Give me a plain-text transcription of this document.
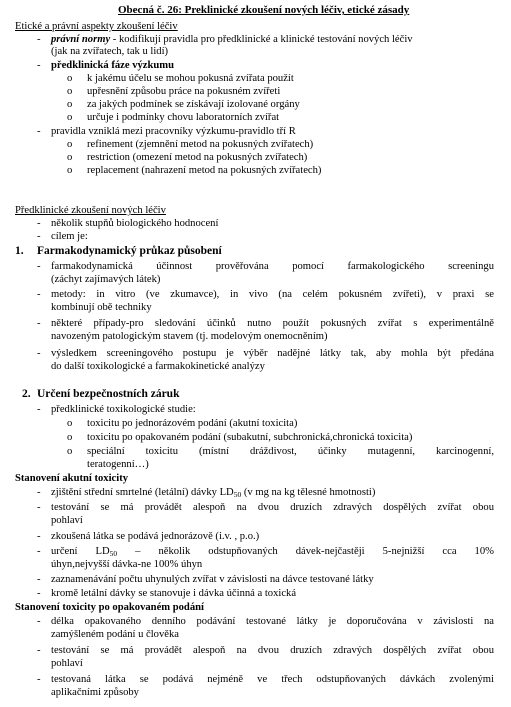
Obecná č. 26: Preklinické zkoušení nových léčiv, etické zásady
Etické a právní aspekty zkoušení léčiv
- právní normy - kodifikují pravidla pro předklinické a klinické testování nových léčiv
(jak na zvířatech, tak u lidí)
- předklinická fáze výzkumu
o k jakému účelu se mohou pokusná zvířata použít
o upřesnění způsobu práce na pokusném zvířeti
o za jakých podmínek se získávají izolované orgány
o určuje i podmínky chovu laboratorních zvířat
- pravidla vzniklá mezi pracovníky výzkumu-pravidlo tří R
o refinement (zjemnění metod na pokusných zvířatech)
o restriction (omezení metod na pokusných zvířatech)
o replacement (nahrazení metod na pokusných zvířatech)
Předklinické zkoušení nových léčiv
- několik stupňů biologického hodnocení
- cílem je:
1. Farmakodynamický průkaz působení
- farmakodynamická účinnost prověřována pomocí farmakologického screeningu
(záchyt zajímavých látek)
- metody: in vitro (ve zkumavce), in vivo (na celém pokusném zvířeti), v praxi se
kombinují obě techniky
- některé případy-pro sledování účinků nutno použít pokusných zvířat s experimentálně
navozeným patologickým stavem (tj. modelovým onemocněním)
- výsledkem screeningového postupu je výběr nadějné látky tak, aby mohla být předána
do další toxikologické a farmakokinetické analýzy
2. Určení bezpečnostních záruk
- předklinické toxikologické studie:
o toxicitu po jednorázovém podání (akutní toxicita)
o toxicitu po opakovaném podání (subakutní, subchronická,chronická toxicita)
o speciální toxicitu (místní dráždivost, účinky mutagenní, karcinogenní,
teratogenní…)
Stanovení akutní toxicity
- zjištění střední smrtelné (letální) dávky $LD_{50}$ (v mg na kg tělesné hmotnosti)
- testování se má provádět alespoň na dvou druzích zdravých dospělých zvířat obou
pohlaví
- zkoušená látka se podává jednorázově (i.v. , p.o.)
- určení $LD_{50}$ – několik odstupňovaných dávek-nejčastěji 5-nejnižší cca 10%
úhyn,nejvyšší dávka-ne 100% úhyn
- zaznamenávání počtu uhynulých zvířat v závislosti na dávce testované látky
- kromě letální dávky se stanovuje i dávka účinná a toxická
Stanovení toxicity po opakovaném podání
- délka opakovaného denního podávání testované látky je doporučována v závislosti na
zamýšleném podání u člověka
- testování se má provádět alespoň na dvou druzích zdravých dospělých zvířat obou
pohlaví
- testovaná látka se podává nejméně ve třech odstupňovaných dávkách zvolenými
aplikačními způsoby
